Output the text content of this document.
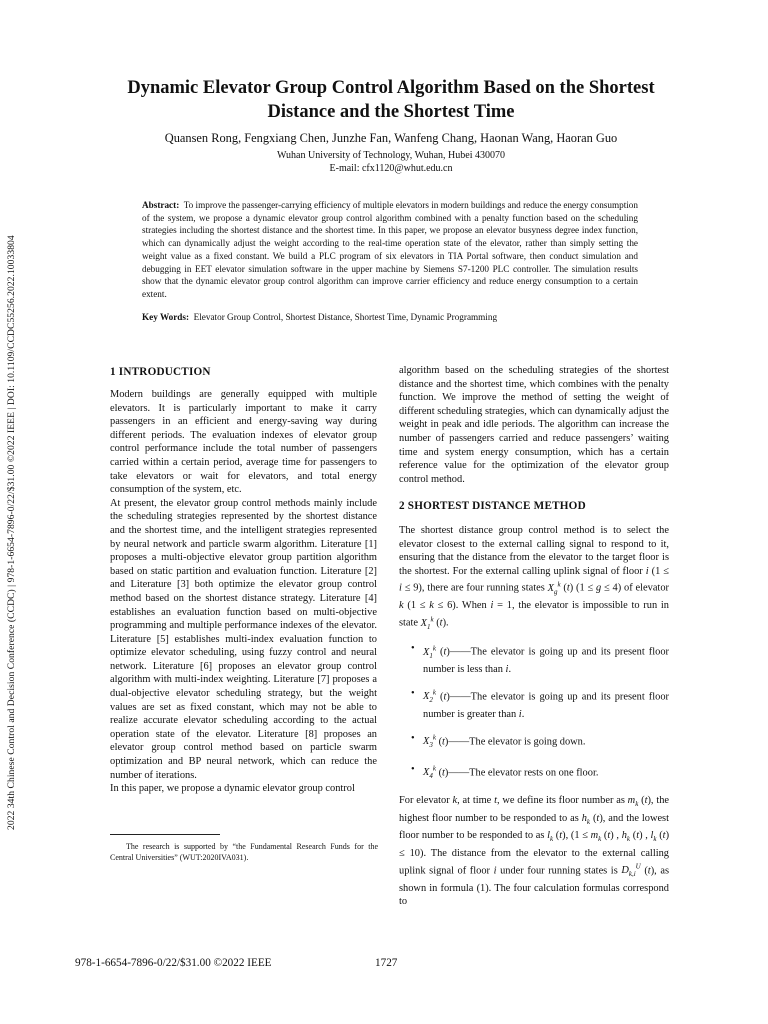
2022 34th Chinese Control and Decision Conference (CCDC) | 978-1-6654-7896-0/22/$31.00 ©2022 IEEE | DOI: 10.1109/CCDC55256.2022.10033804
Dynamic Elevator Group Control Algorithm Based on the Shortest Distance and the Shortest Time
Quansen Rong, Fengxiang Chen, Junzhe Fan, Wanfeng Chang, Haonan Wang, Haoran Guo
Wuhan University of Technology, Wuhan, Hubei 430070
E-mail: cfx1120@whut.edu.cn
Abstract: To improve the passenger-carrying efficiency of multiple elevators in modern buildings and reduce the energy consumption of the system, we propose a dynamic elevator group control algorithm combined with a penalty function based on the scheduling strategies including the shortest distance and the shortest time. In this paper, we propose an elevator busyness degree index function, which can dynamically adjust the weight according to the real-time operation state of the elevator, rather than simply setting the weight value as a fixed constant. We build a PLC program of six elevators in TIA Portal software, then conduct simulation and debugging in EET elevator simulation software in the upper machine by Siemens S7-1200 PLC controller. The simulation results show that the dynamic elevator group control algorithm can improve carrier efficiency and reduce energy consumption to a certain extent.
Key Words: Elevator Group Control, Shortest Distance, Shortest Time, Dynamic Programming
1 INTRODUCTION

Modern buildings are generally equipped with multiple elevators. It is particularly important to make it carry passengers in an efficient and energy-saving way during different periods. The evaluation indexes of elevator group control performance include the total number of passengers carried within a certain period, average time for passengers to take elevators or wait for elevators, and total energy consumption of the system, etc.

At present, the elevator group control methods mainly include the scheduling strategies represented by the shortest distance and the shortest time, and the intelligent strategies represented by neural network and particle swarm algorithm. Literature [1] proposes a multi-objective elevator group partition algorithm based on static partition and evaluation function. Literature [2] and Literature [3] both optimize the elevator group control method based on the shortest distance strategy. Literature [4] establishes an evaluation function based on multi-objective programming and multiple performance indexes of the elevator. Literature [5] establishes multi-index evaluation function to optimize elevator scheduling, using fuzzy control and neural network. Literature [6] proposes an elevator group control algorithm with multi-index weighting. Literature [7] proposes a dual-objective elevator scheduling strategy, but the weight values are set as fixed constant, which may not be able to realize accurate elevator scheduling according to the actual operation state of the elevator. Literature [8] proposes an elevator group control method based on particle swarm optimization and BP neural network, which can reduce the number of iterations.

In this paper, we propose a dynamic elevator group control

algorithm based on the scheduling strategies of the shortest distance and the shortest time, which combines with the penalty function. We improve the method of setting the weight of different scheduling strategies, which can dynamically adjust the weight in peak and idle periods. The algorithm can increase the number of passengers carried and reduce passengers’ waiting time and system energy consumption, which has a certain reference value for the optimization of the elevator group control method.

2 SHORTEST DISTANCE METHOD

The shortest distance group control method is to select the elevator closest to the external calling signal to respond to it, ensuring that the distance from the elevator to the target floor is the shortest. For the external calling uplink signal of floor i (1 ≤ i ≤ 9), there are four running states $X_g^k$ (t) (1 ≤ g ≤ 4) of elevator k (1 ≤ k ≤ 6). When i = 1, the elevator is impossible to run in state $X_1^k$ (t).

• $X_1^k$ (t)——The elevator is going up and its present floor number is less than i.
• $X_2^k$ (t)——The elevator is going up and its present floor number is greater than i.
• $X_3^k$ (t)——The elevator is going down.
• $X_4^k$ (t)——The elevator rests on one floor.

For elevator k, at time t, we define its floor number as $m_k$ (t), the highest floor number to be responded to as $h_k$ (t), and the lowest floor number to be responded to as $l_k$ (t), ($1 \le m_k$ (t) , $h_k$ (t) , $l_k$ (t) ≤ 10). The distance from the elevator to the external calling uplink signal of floor i under four running states is $D_{k,i}^U$ (t), as shown in formula (1). The four calculation formulas correspond to

The research is supported by “the Fundamental Research Funds for the Central Universities” (WUT:2020IVA031).
978-1-6654-7896-0/22/$31.00 ©2022 IEEE	1727
